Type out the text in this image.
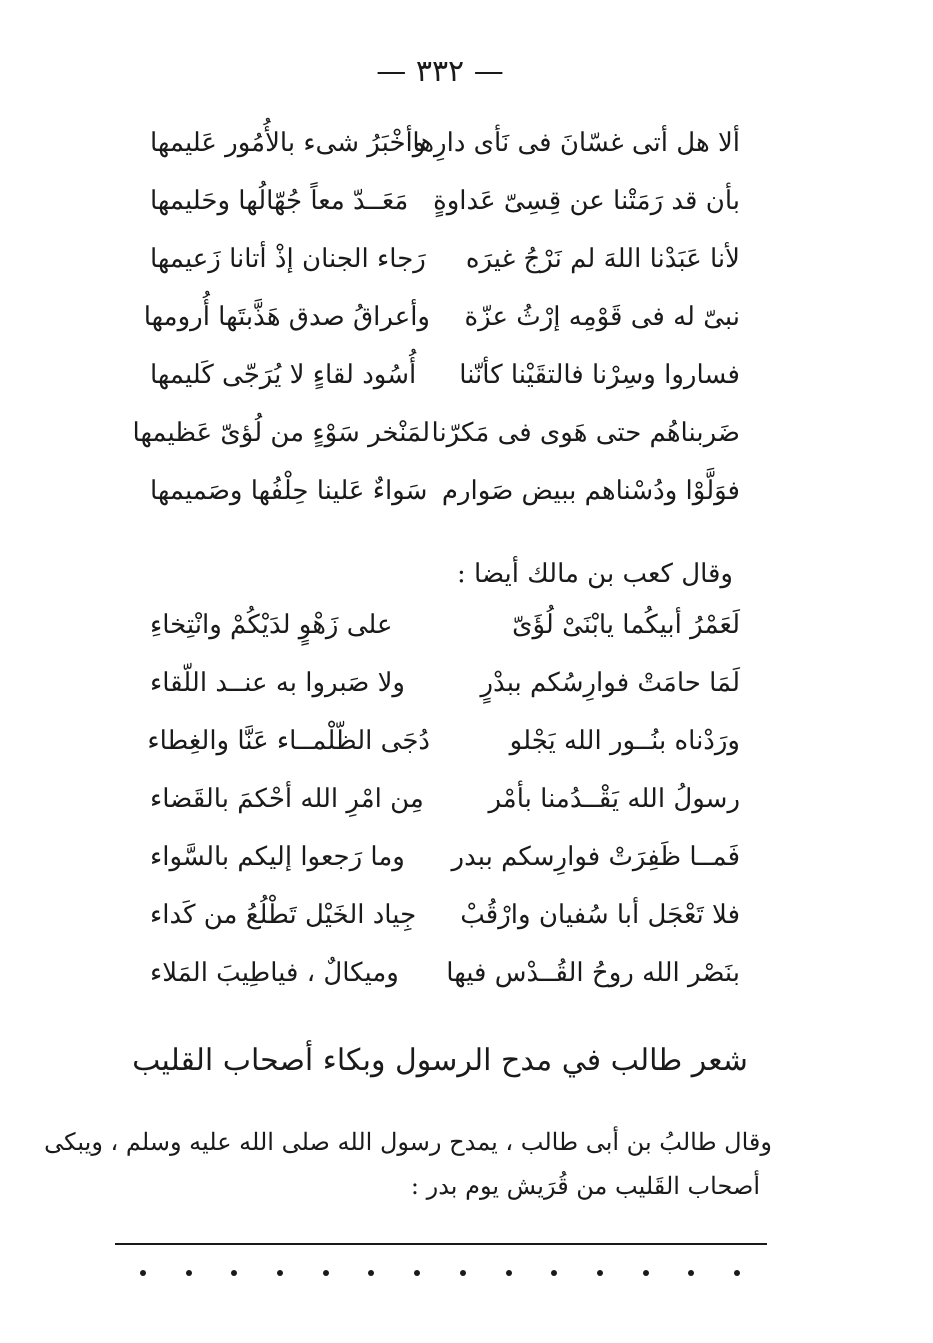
— ٣٣٢ —
ألا هل أتى غسّانَ فى نَأى دارِها
وأخْبَرُ شىء بالأُمُور عَليمها
بأن قد رَمَتْنا عن قِسِىّ عَداوةٍ
مَعَــدّ معاً جُهّالُها وحَليمها
لأنا عَبَدْنا اللهَ لم نَرْجُ غيرَه
رَجاء الجنان إذْ أتانا زَعيمها
نبىّ له فى قَوْمِه إرْثُ عزّة
وأعراقُ صدق هَذَّبتَها أُرومها
فساروا وسِرْنا فالتقَيْنا كأنّنا
أُسُود لقاءٍ لا يُرَجّى كَليمها
ضَربناهُم حتى هَوى فى مَكرّنا
لمَنْخر سَوْءٍ من لُؤىّ عَظيمها
فوَلَّوْا ودُسْناهم ببيض صَوارم
سَواءٌ عَلينا حِلْفُها وصَميمها
وقال كعب بن مالك أيضا :
لَعَمْرُ أبيكُما يابْنَىْ لُؤَىّ
على زَهْوٍ لدَيْكُمْ وانْتِخاءِ
لَمَا حامَتْ فوارِسُكم ببدْرٍ
ولا صَبروا به عنــد اللّقاء
ورَدْناه بنُــور الله يَجْلو
دُجَى الظّلْمــاء عَنَّا والغِطاء
رسولُ الله يَقْــدُمنا بأمْر
مِن امْرِ الله أحْكمَ بالقَضاء
فَمــا ظَفِرَتْ فوارِسكم ببدر
وما رَجعوا إليكم بالسَّواء
فلا تَعْجَل أبا سُفيان وارْقُبْ
جِياد الخَيْل تَطْلُعُ من كَداء
بنَصْر الله روحُ القُــدْس فيها
وميكالٌ ، فياطِيبَ المَلاء
شعر طالب في مدح الرسول وبكاء أصحاب القليب
وقال طالبُ بن أبى طالب ، يمدح رسول الله صلى الله عليه وسلم ، ويبكى
أصحاب القَليب من قُرَيش يوم بدر :
